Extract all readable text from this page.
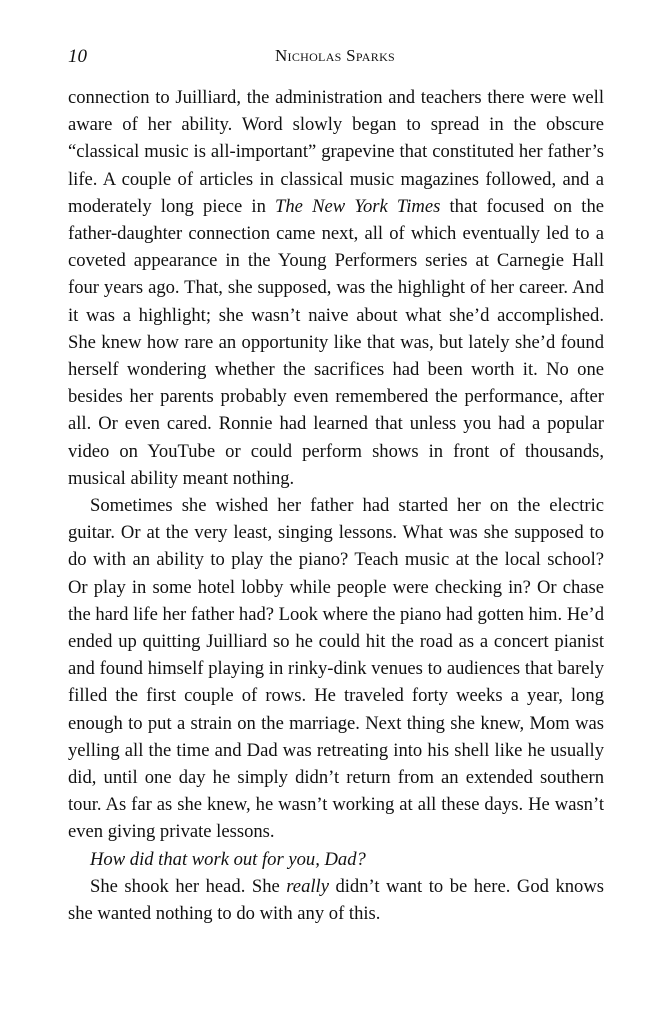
10	Nicholas Sparks

connection to Juilliard, the administration and teachers there were well aware of her ability. Word slowly began to spread in the obscure “classical music is all-important” grapevine that constituted her father’s life. A couple of articles in classical music magazines followed, and a moderately long piece in The New York Times that focused on the father-daughter connection came next, all of which eventually led to a coveted appearance in the Young Performers series at Carnegie Hall four years ago. That, she supposed, was the highlight of her career. And it was a highlight; she wasn’t naive about what she’d accomplished. She knew how rare an opportunity like that was, but lately she’d found herself wondering whether the sacrifices had been worth it. No one besides her parents probably even remembered the performance, after all. Or even cared. Ronnie had learned that unless you had a popular video on YouTube or could perform shows in front of thousands, musical ability meant nothing.

Sometimes she wished her father had started her on the electric guitar. Or at the very least, singing lessons. What was she supposed to do with an ability to play the piano? Teach music at the local school? Or play in some hotel lobby while people were checking in? Or chase the hard life her father had? Look where the piano had gotten him. He’d ended up quitting Juilliard so he could hit the road as a concert pianist and found himself playing in rinky-dink venues to audiences that barely filled the first couple of rows. He traveled forty weeks a year, long enough to put a strain on the marriage. Next thing she knew, Mom was yelling all the time and Dad was retreating into his shell like he usually did, until one day he simply didn’t return from an extended southern tour. As far as she knew, he wasn’t working at all these days. He wasn’t even giving private lessons.

How did that work out for you, Dad?

She shook her head. She really didn’t want to be here. God knows she wanted nothing to do with any of this.
